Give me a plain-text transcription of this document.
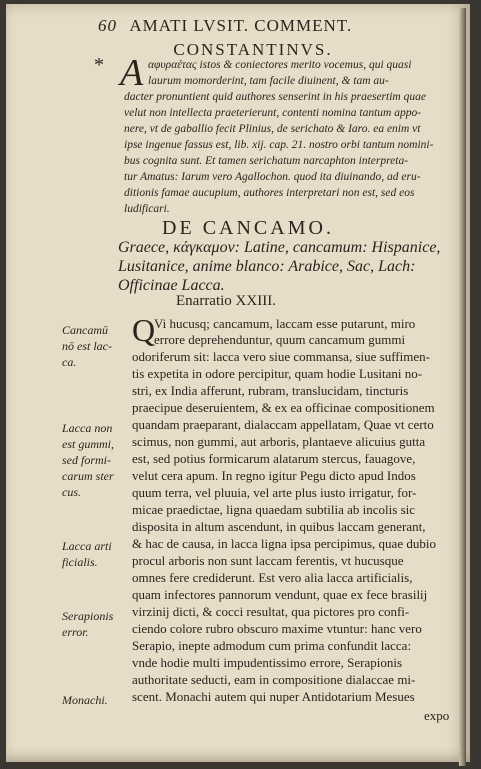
60 AMATI LVSIT. COMMENT.
CONSTANTINVS.
* A αφυραέτας istos & coniectores merito vocemus, qui quasi
laurum momorderint, tam facile diuinent, & tam au-
dacter pronuntient quid authores senserint in his praesertim quae
velut non intellecta praeterierunt, contenti nomina tantum appo-
nere, vt de gaballio fecit Plinius, de serichato & Iaro. ea enim vt
ipse ingenue fassus est, lib. xij. cap. 21. nostro orbi tantum nomini-
bus cognita sunt. Et tamen serichatum narcaphton interpreta-
tur Amatus: Iarum vero Agallochon. quod ita diuinando, ad eru-
ditionis famae aucupium, authores interpretari non est, sed eos
ludificari.
DE CANCAMO.
Graece, κάγκαμον: Latine, cancamum: Hispanice,
Lusitanice, anime blanco: Arabice, Sac, Lach:
Officinae Lacca.
Enarratio XXIII.
Q
Vi hucusq; cancamum, laccam esse putarunt, miro
errore deprehenduntur, quum cancamum gummi
odoriferum sit: lacca vero siue commansa, siue suffimen-
tis expetita in odore percipitur, quam hodie Lusitani no-
stri, ex India afferunt, rubram, translucidam, tincturis
praecipue deseruientem, & ex ea officinae compositionem
quandam praeparant, dialaccam appellatam, Quae vt certo
scimus, non gummi, aut arboris, plantaeve alicuius gutta
est, sed potius formicarum alatarum stercus, fauagove,
velut cera apum. In regno igitur Pegu dicto apud Indos
quum terra, vel pluuia, vel arte plus iusto irrigatur, for-
micae praedictae, ligna quaedam subtilia ab incolis sic
disposita in altum ascendunt, in quibus laccam generant,
& hac de causa, in lacca ligna ipsa percipimus, quae dubio
procul arboris non sunt laccam ferentis, vt hucusque
omnes fere crediderunt. Est vero alia lacca artificialis,
quam infectores pannorum vendunt, quae ex fece brasilij
virzinij dicti, & cocci resultat, qua pictores pro confi-
ciendo colore rubro obscuro maxime vtuntur: hanc vero
Serapio, inepte admodum cum prima confundit lacca:
vnde hodie multi impudentissimo errore, Serapionis
authoritate seducti, eam in compositione dialaccae mi-
scent. Monachi autem qui nuper Antidotarium Mesues
expo
Cancamū
nō est lac-
ca.
Lacca non
est gummi,
sed formi-
carum ster
cus.
Lacca arti
ficialis.
Serapionis
error.
Monachi.
